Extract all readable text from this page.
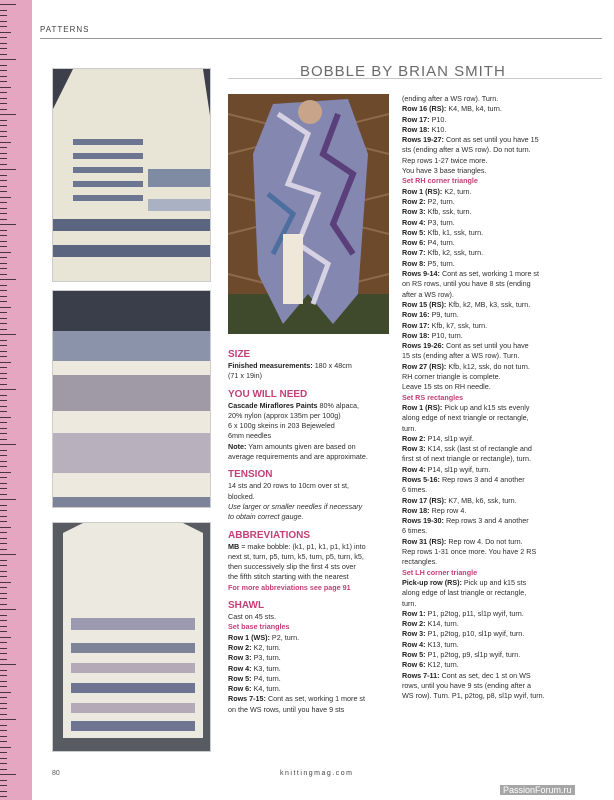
PATTERNS
BOBBLE BY BRIAN SMITH
SIZE

Finished measurements: 180 x 48cm

(71 x 19in)

YOU WILL NEED

Cascade Miraflores Paints 80% alpaca,

20% nylon (approx 135m per 100g)

6 x 100g skeins in 203 Bejeweled

6mm needles

Note: Yarn amounts given are based on

average requirements and are approximate.

TENSION

14 sts and 20 rows to 10cm over st st,

blocked.

Use larger or smaller needles if necessary

to obtain correct gauge.

ABBREVIATIONS

MB = make bobble: (k1, p1, k1, p1, k1) into

next st, turn, p5, turn, k5, turn, p5, turn, k5,

then successively slip the first 4 sts over

the fifth stitch starting with the nearest

For more abbreviations see page 91

SHAWL

Cast on 45 sts.

Set base triangles

Row 1 (WS): P2, turn.

Row 2: K2, turn.

Row 3: P3, turn.

Row 4: K3, turn.

Row 5: P4, turn.

Row 6: K4, turn.

Rows 7-15: Cont as set, working 1 more st

on the WS rows, until you have 9 sts

(ending after a WS row). Turn.

Row 16 (RS): K4, MB, k4, turn.

Row 17: P10.

Row 18: K10.

Rows 19-27: Cont as set until you have 15

sts (ending after a WS row). Do not turn.

Rep rows 1-27 twice more.

You have 3 base triangles.

Set RH corner triangle

Row 1 (RS): K2, turn.

Row 2: P2, turn.

Row 3: Kfb, ssk, turn.

Row 4: P3, turn.

Row 5: Kfb, k1, ssk, turn.

Row 6: P4, turn.

Row 7: Kfb, k2, ssk, turn.

Row 8: P5, turn.

Rows 9-14: Cont as set, working 1 more st

on RS rows, until you have 8 sts (ending

after a WS row).

Row 15 (RS): Kfb, k2, MB, k3, ssk, turn.

Row 16: P9, turn.

Row 17: Kfb, k7, ssk, turn.

Row 18: P10, turn.

Rows 19-26: Cont as set until you have

15 sts (ending after a WS row). Turn.

Row 27 (RS): Kfb, k12, ssk, do not turn.

RH corner triangle is complete.

Leave 15 sts on RH needle.

Set RS rectangles

Row 1 (RS): Pick up and k15 sts evenly

along edge of next triangle or rectangle,

turn.

Row 2: P14, sl1p wyif.

Row 3: K14, ssk (last st of rectangle and

first st of next triangle or rectangle), turn.

Row 4: P14, sl1p wyif, turn.

Rows 5-16: Rep rows 3 and 4 another

6 times.

Row 17 (RS): K7, MB, k6, ssk, turn.

Row 18: Rep row 4.

Rows 19-30: Rep rows 3 and 4 another

6 times.

Row 31 (RS): Rep row 4. Do not turn.

Rep rows 1-31 once more. You have 2 RS

rectangles.

Set LH corner triangle

Pick-up row (RS): Pick up and k15 sts

along edge of last triangle or rectangle,

turn.

Row 1: P1, p2tog, p11, sl1p wyif, turn.

Row 2: K14, turn.

Row 3: P1, p2tog, p10, sl1p wyif, turn.

Row 4: K13, turn.

Row 5: P1, p2tog, p9, sl1p wyif, turn.

Row 6: K12, turn.

Rows 7-11: Cont as set, dec 1 st on WS

rows, until you have 9 sts (ending after a

WS row). Turn. P1, p2tog, p8, sl1p wyif, turn.

80	knittingmag.com
PassionForum.ru
